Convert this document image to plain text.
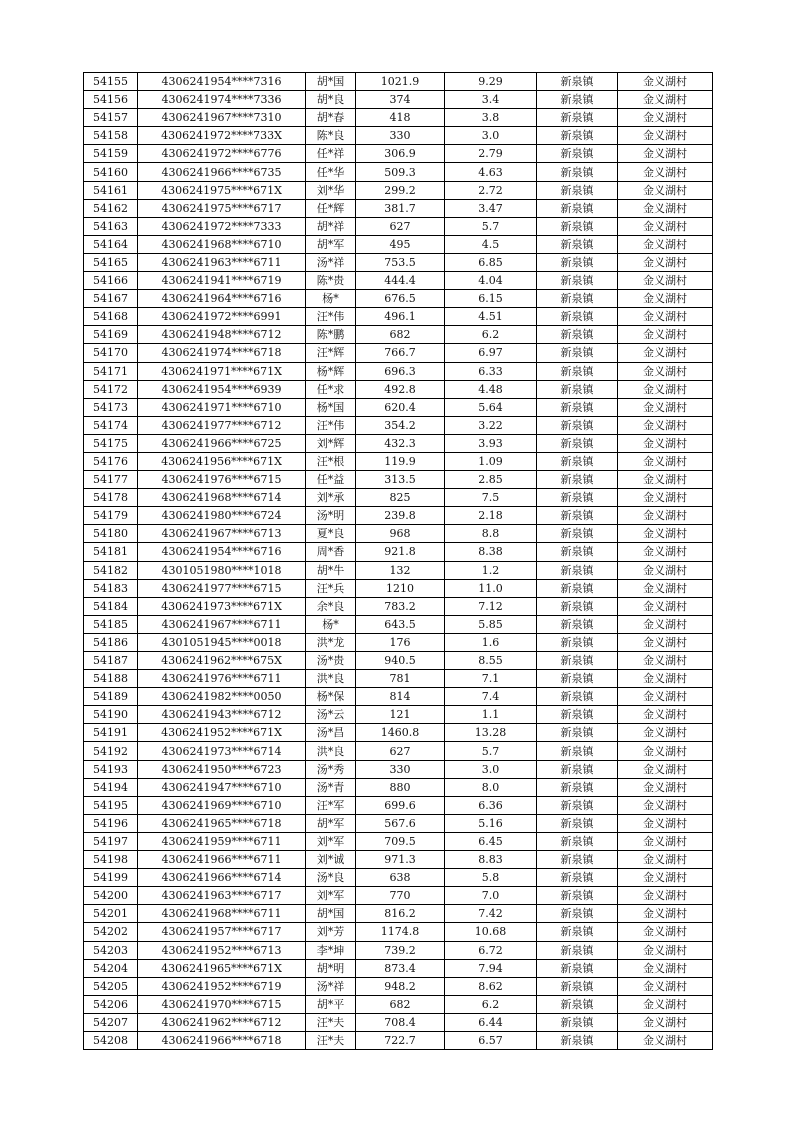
54155	4306241954****7316	胡*国	1021.9	9.29	新泉镇	金义湖村
54156	4306241974****7336	胡*良	374	3.4	新泉镇	金义湖村
54157	4306241967****7310	胡*春	418	3.8	新泉镇	金义湖村
54158	4306241972****733X	陈*良	330	3.0	新泉镇	金义湖村
54159	4306241972****6776	任*祥	306.9	2.79	新泉镇	金义湖村
54160	4306241966****6735	任*华	509.3	4.63	新泉镇	金义湖村
54161	4306241975****671X	刘*华	299.2	2.72	新泉镇	金义湖村
54162	4306241975****6717	任*辉	381.7	3.47	新泉镇	金义湖村
54163	4306241972****7333	胡*祥	627	5.7	新泉镇	金义湖村
54164	4306241968****6710	胡*军	495	4.5	新泉镇	金义湖村
54165	4306241963****6711	汤*祥	753.5	6.85	新泉镇	金义湖村
54166	4306241941****6719	陈*贵	444.4	4.04	新泉镇	金义湖村
54167	4306241964****6716	杨*	676.5	6.15	新泉镇	金义湖村
54168	4306241972****6991	汪*伟	496.1	4.51	新泉镇	金义湖村
54169	4306241948****6712	陈*鹏	682	6.2	新泉镇	金义湖村
54170	4306241974****6718	汪*辉	766.7	6.97	新泉镇	金义湖村
54171	4306241971****671X	杨*辉	696.3	6.33	新泉镇	金义湖村
54172	4306241954****6939	任*求	492.8	4.48	新泉镇	金义湖村
54173	4306241971****6710	杨*国	620.4	5.64	新泉镇	金义湖村
54174	4306241977****6712	汪*伟	354.2	3.22	新泉镇	金义湖村
54175	4306241966****6725	刘*辉	432.3	3.93	新泉镇	金义湖村
54176	4306241956****671X	汪*根	119.9	1.09	新泉镇	金义湖村
54177	4306241976****6715	任*益	313.5	2.85	新泉镇	金义湖村
54178	4306241968****6714	刘*承	825	7.5	新泉镇	金义湖村
54179	4306241980****6724	汤*明	239.8	2.18	新泉镇	金义湖村
54180	4306241967****6713	夏*良	968	8.8	新泉镇	金义湖村
54181	4306241954****6716	周*香	921.8	8.38	新泉镇	金义湖村
54182	4301051980****1018	胡*牛	132	1.2	新泉镇	金义湖村
54183	4306241977****6715	汪*兵	1210	11.0	新泉镇	金义湖村
54184	4306241973****671X	余*良	783.2	7.12	新泉镇	金义湖村
54185	4306241967****6711	杨*	643.5	5.85	新泉镇	金义湖村
54186	4301051945****0018	洪*龙	176	1.6	新泉镇	金义湖村
54187	4306241962****675X	汤*贵	940.5	8.55	新泉镇	金义湖村
54188	4306241976****6711	洪*良	781	7.1	新泉镇	金义湖村
54189	4306241982****0050	杨*保	814	7.4	新泉镇	金义湖村
54190	4306241943****6712	汤*云	121	1.1	新泉镇	金义湖村
54191	4306241952****671X	汤*昌	1460.8	13.28	新泉镇	金义湖村
54192	4306241973****6714	洪*良	627	5.7	新泉镇	金义湖村
54193	4306241950****6723	汤*秀	330	3.0	新泉镇	金义湖村
54194	4306241947****6710	汤*青	880	8.0	新泉镇	金义湖村
54195	4306241969****6710	汪*军	699.6	6.36	新泉镇	金义湖村
54196	4306241965****6718	胡*军	567.6	5.16	新泉镇	金义湖村
54197	4306241959****6711	刘*军	709.5	6.45	新泉镇	金义湖村
54198	4306241966****6711	刘*诚	971.3	8.83	新泉镇	金义湖村
54199	4306241966****6714	汤*良	638	5.8	新泉镇	金义湖村
54200	4306241963****6717	刘*军	770	7.0	新泉镇	金义湖村
54201	4306241968****6711	胡*国	816.2	7.42	新泉镇	金义湖村
54202	4306241957****6717	刘*芳	1174.8	10.68	新泉镇	金义湖村
54203	4306241952****6713	李*坤	739.2	6.72	新泉镇	金义湖村
54204	4306241965****671X	胡*明	873.4	7.94	新泉镇	金义湖村
54205	4306241952****6719	汤*祥	948.2	8.62	新泉镇	金义湖村
54206	4306241970****6715	胡*平	682	6.2	新泉镇	金义湖村
54207	4306241962****6712	汪*夫	708.4	6.44	新泉镇	金义湖村
54208	4306241966****6718	汪*夫	722.7	6.57	新泉镇	金义湖村
